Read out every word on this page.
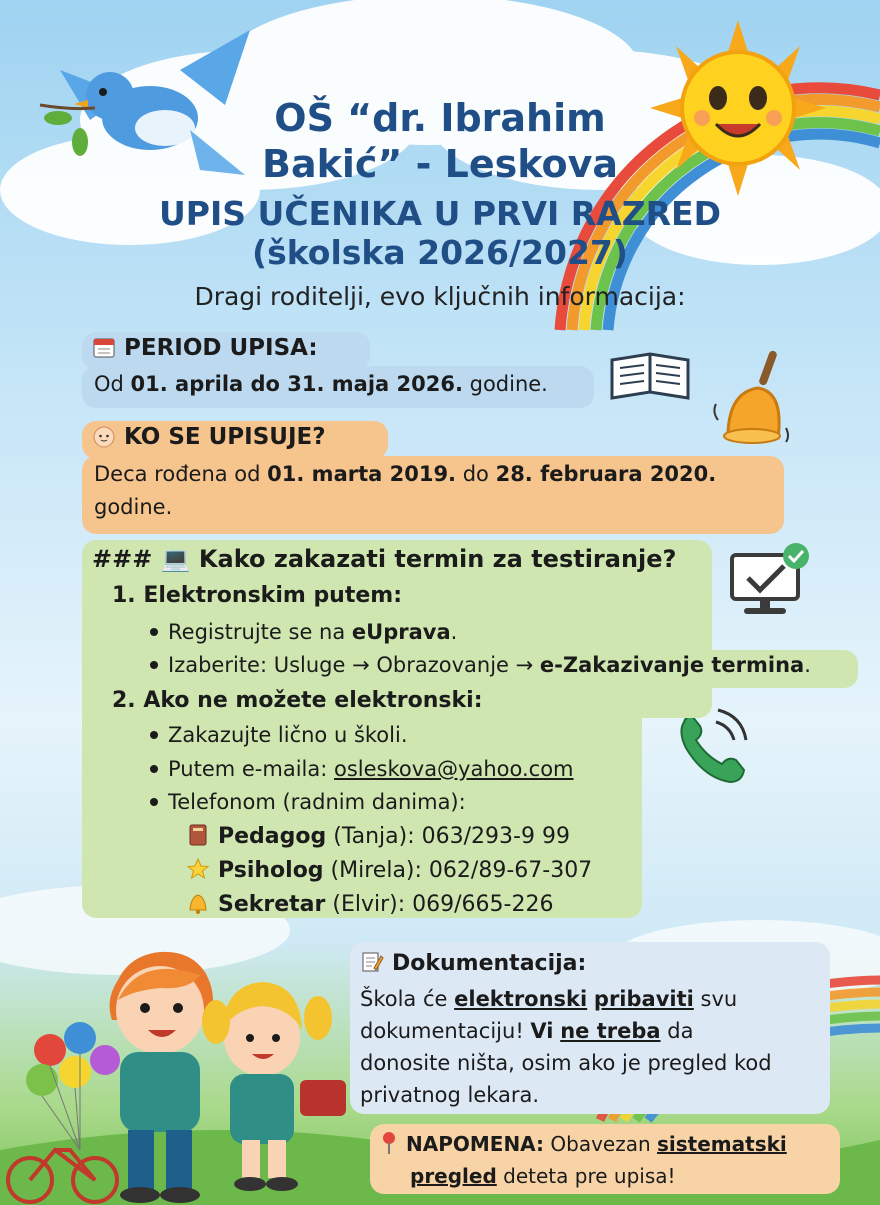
OŠ “dr. Ibrahim
Bakić” - Leskova
UPIS UČENIKA U PRVI RAZRED
(školska 2026/2027)
Dragi roditelji, evo ključnih informacija:
PERIOD UPISA:
Od 01. aprila do 31. maja 2026. godine.
KO SE UPISUJE?
Deca rođena od 01. marta 2019. do 28. februara 2020.
godine.
### 💻 Kako zakazati termin za testiranje?
1. Elektronskim putem:
Registrujte se na eUprava.
Izaberite: Usluge → Obrazovanje → e-Zakazivanje termina.
2. Ako ne možete elektronski:
Zakazujte lično u školi.
Putem e-maila: osleskova@yahoo.com
Telefonom (radnim danima):
Pedagog (Tanja): 063/293-9 99
Psiholog (Mirela): 062/89-67-307
Sekretar (Elvir): 069/665-226
Dokumentacija:
Škola će elektronski pribaviti svu
dokumentaciju! Vi ne treba da
donosite ništa, osim ako je pregled kod
privatnog lekara.
NAPOMENA: Obavezan sistematski
pregled deteta pre upisa!
